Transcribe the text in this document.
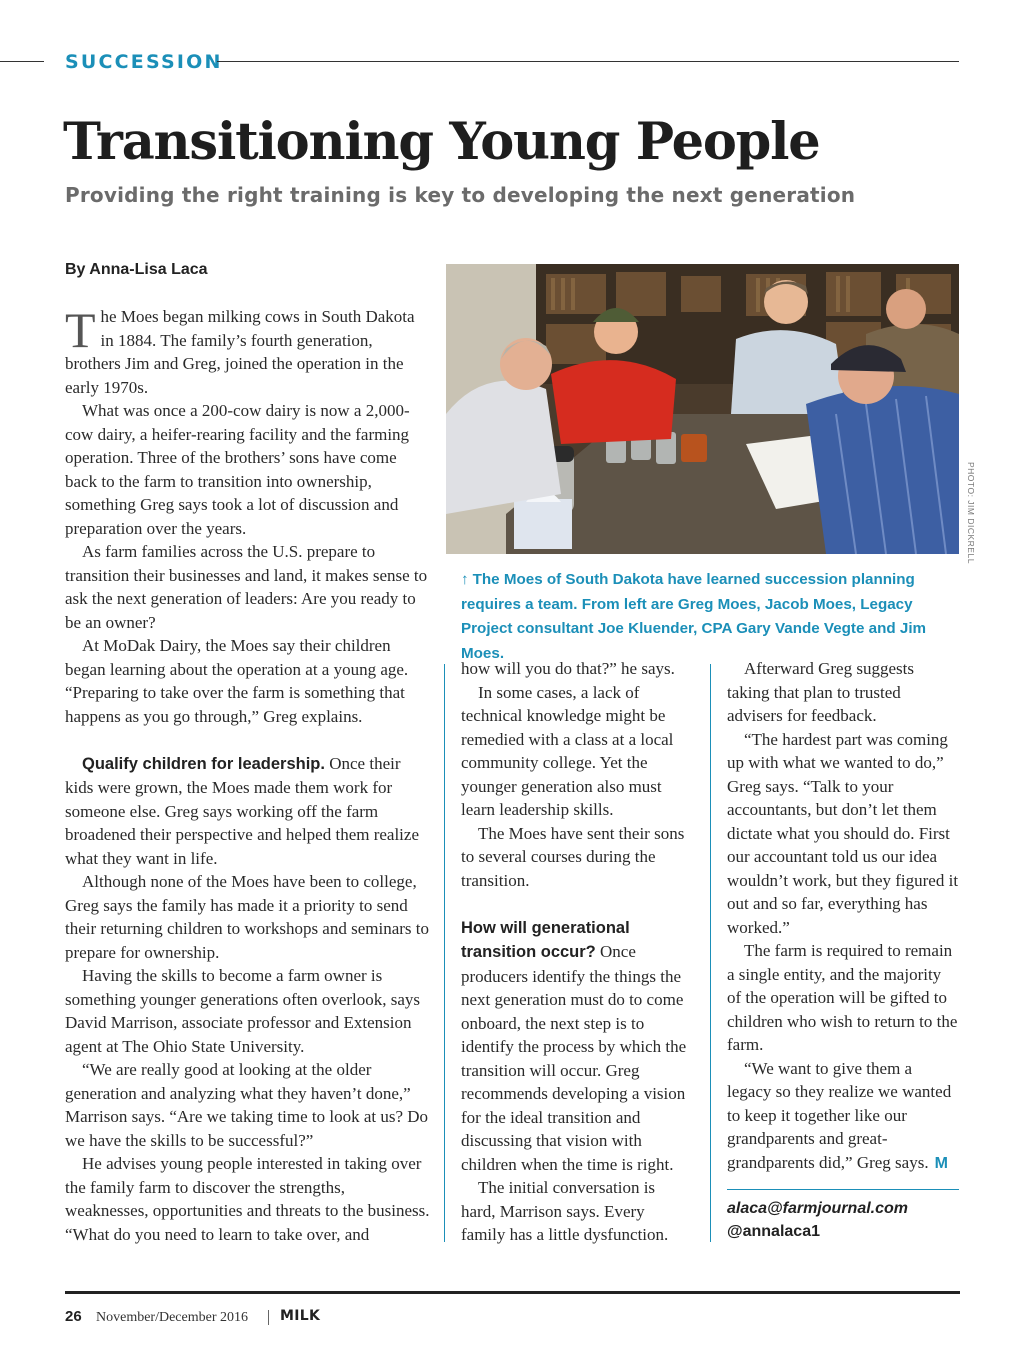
SUCCESSION
Transitioning Young People
Providing the right training is key to developing the next generation
By Anna-Lisa Laca

The Moes began milking cows in South Dakota in 1884. The family’s fourth generation, brothers Jim and Greg, joined the operation in the early 1970s.

What was once a 200-cow dairy is now a 2,000-cow dairy, a heifer-rearing facility and the farming operation. Three of the brothers’ sons have come back to the farm to transition into ownership, something Greg says took a lot of discussion and preparation over the years.

As farm families across the U.S. prepare to transition their businesses and land, it makes sense to ask the next generation of leaders: Are you ready to be an owner?

At MoDak Dairy, the Moes say their children began learning about the operation at a young age. “Preparing to take over the farm is something that happens as you go through,” Greg explains.

Qualify children for leadership. Once their kids were grown, the Moes made them work for someone else. Greg says working off the farm broadened their perspective and helped them realize what they want in life.

Although none of the Moes have been to college, Greg says the family has made it a priority to send their returning children to workshops and seminars to prepare for ownership.

Having the skills to become a farm owner is something younger generations often overlook, says David Marrison, associate professor and Extension agent at The Ohio State University.

“We are really good at looking at the older generation and analyzing what they haven’t done,” Marrison says. “Are we taking time to look at us? Do we have the skills to be successful?”

He advises young people interested in taking over the family farm to discover the strengths, weaknesses, opportunities and threats to the business. “What do you need to learn to take over, and

PHOTO: JIM DICKRELL
↑ The Moes of South Dakota have learned succession planning requires a team. From left are Greg Moes, Jacob Moes, Legacy Project consultant Joe Kluender, CPA Gary Vande Vegte and Jim Moes.

how will you do that?” he says.

In some cases, a lack of technical knowledge might be remedied with a class at a local community college. Yet the younger generation also must learn leadership skills.

The Moes have sent their sons to several courses during the transition.

How will generational transition occur? Once producers identify the things the next generation must do to come onboard, the next step is to identify the process by which the transition will occur. Greg recommends developing a vision for the ideal transition and discussing that vision with children when the time is right.

The initial conversation is hard, Marrison says. Every family has a little dysfunction.

Afterward Greg suggests taking that plan to trusted advisers for feedback.

“The hardest part was coming up with what we wanted to do,” Greg says. “Talk to your accountants, but don’t let them dictate what you should do. First our accountant told us our idea wouldn’t work, but they figured it out and so far, everything has worked.”

The farm is required to remain a single entity, and the majority of the operation will be gifted to children who wish to return to the farm.

“We want to give them a legacy so they realize we wanted to keep it together like our grandparents and great-grandparents did,” Greg says. M

alaca@farmjournal.com
@annalaca1
26 November/December 2016 MILK
